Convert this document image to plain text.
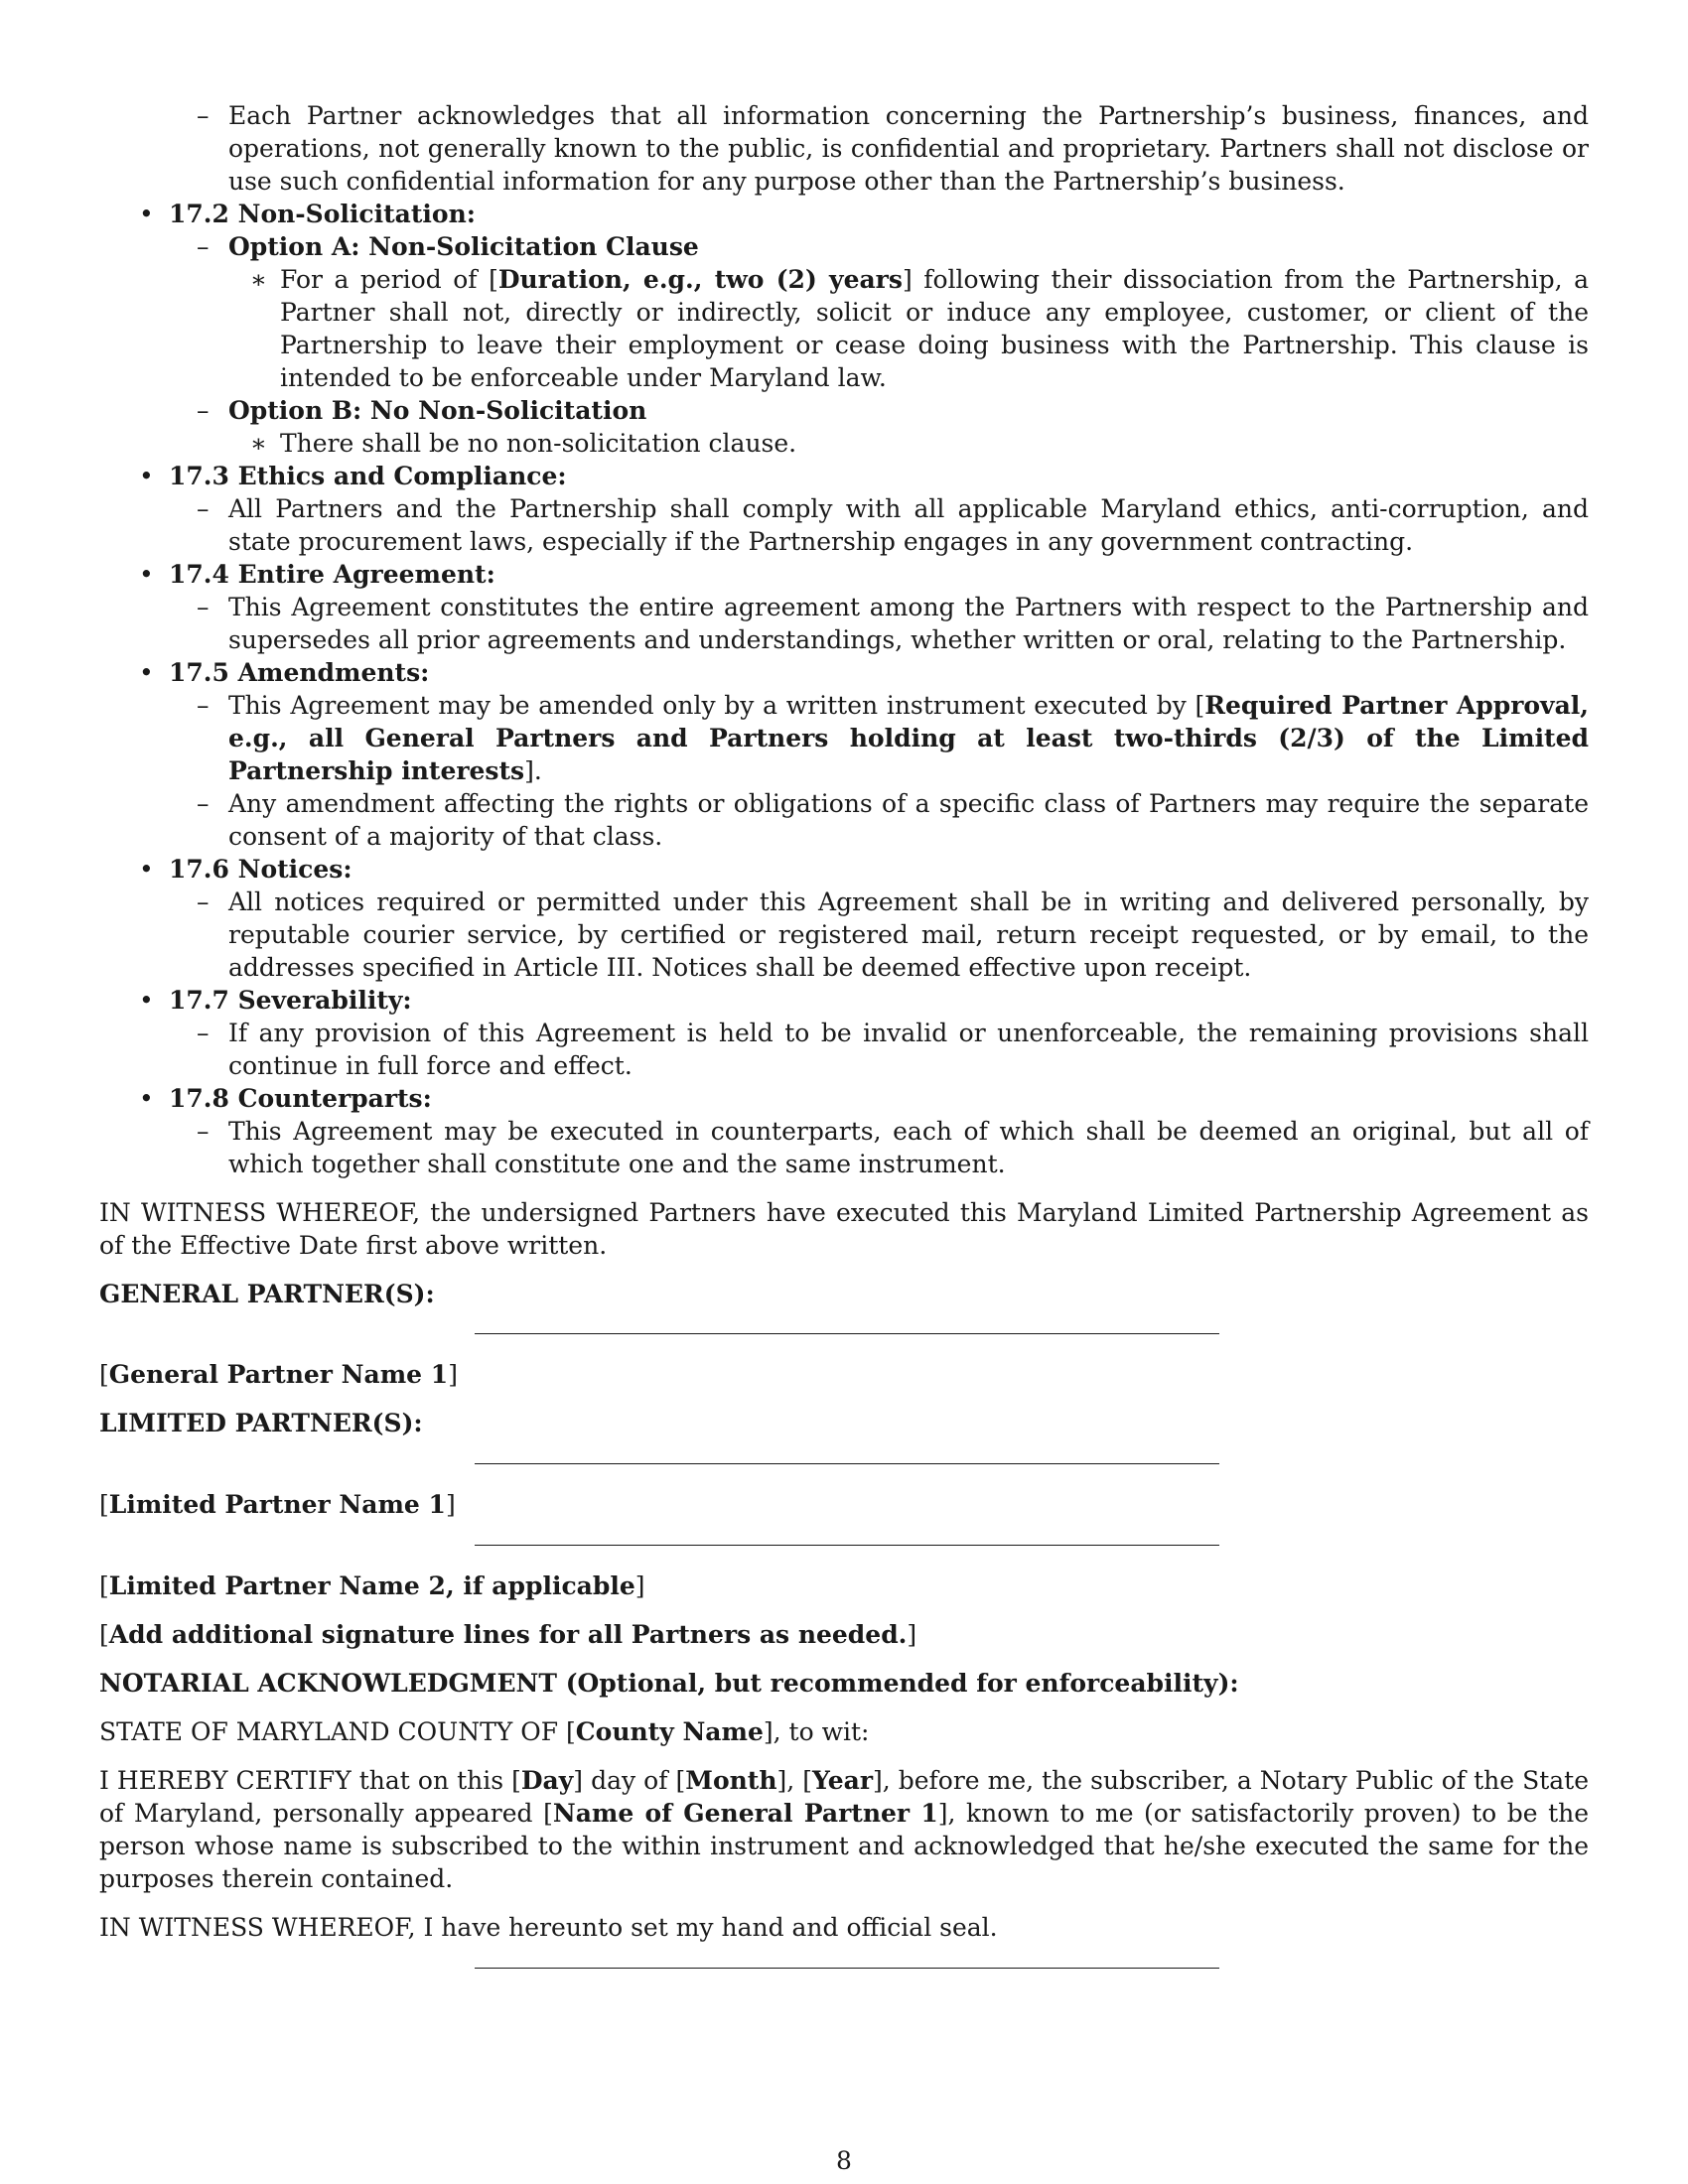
– Each Partner acknowledges that all information concerning the Partnership’s business, finances, and operations, not generally known to the public, is confidential and proprietary. Partners shall not disclose or use such confidential information for any purpose other than the Partnership’s business.
• 17.2 Non-Solicitation:
– Option A: Non-Solicitation Clause
∗ For a period of [Duration, e.g., two (2) years] following their dissociation from the Partnership, a Partner shall not, directly or indirectly, solicit or induce any employee, customer, or client of the Partnership to leave their employment or cease doing business with the Partnership. This clause is intended to be enforceable under Maryland law.
– Option B: No Non-Solicitation
∗ There shall be no non-solicitation clause.
• 17.3 Ethics and Compliance:
– All Partners and the Partnership shall comply with all applicable Maryland ethics, anti-corruption, and state procurement laws, especially if the Partnership engages in any government contracting.
• 17.4 Entire Agreement:
– This Agreement constitutes the entire agreement among the Partners with respect to the Partnership and supersedes all prior agreements and understandings, whether written or oral, relating to the Partnership.
• 17.5 Amendments:
– This Agreement may be amended only by a written instrument executed by [Required Partner Approval, e.g., all General Partners and Partners holding at least two-thirds (2/3) of the Limited Partnership interests].
– Any amendment affecting the rights or obligations of a specific class of Partners may require the separate consent of a majority of that class.
• 17.6 Notices:
– All notices required or permitted under this Agreement shall be in writing and delivered personally, by reputable courier service, by certified or registered mail, return receipt requested, or by email, to the addresses specified in Article III. Notices shall be deemed effective upon receipt.
• 17.7 Severability:
– If any provision of this Agreement is held to be invalid or unenforceable, the remaining provisions shall continue in full force and effect.
• 17.8 Counterparts:
– This Agreement may be executed in counterparts, each of which shall be deemed an original, but all of which together shall constitute one and the same instrument.

IN WITNESS WHEREOF, the undersigned Partners have executed this Maryland Limited Partnership Agreement as of the Effective Date first above written.

GENERAL PARTNER(S):

[General Partner Name 1]

LIMITED PARTNER(S):

[Limited Partner Name 1]

[Limited Partner Name 2, if applicable]

[Add additional signature lines for all Partners as needed.]

NOTARIAL ACKNOWLEDGMENT (Optional, but recommended for enforceability):

STATE OF MARYLAND COUNTY OF [County Name], to wit:

I HEREBY CERTIFY that on this [Day] day of [Month], [Year], before me, the subscriber, a Notary Public of the State of Maryland, personally appeared [Name of General Partner 1], known to me (or satisfactorily proven) to be the person whose name is subscribed to the within instrument and acknowledged that he/she executed the same for the purposes therein contained.

IN WITNESS WHEREOF, I have hereunto set my hand and official seal.

8
